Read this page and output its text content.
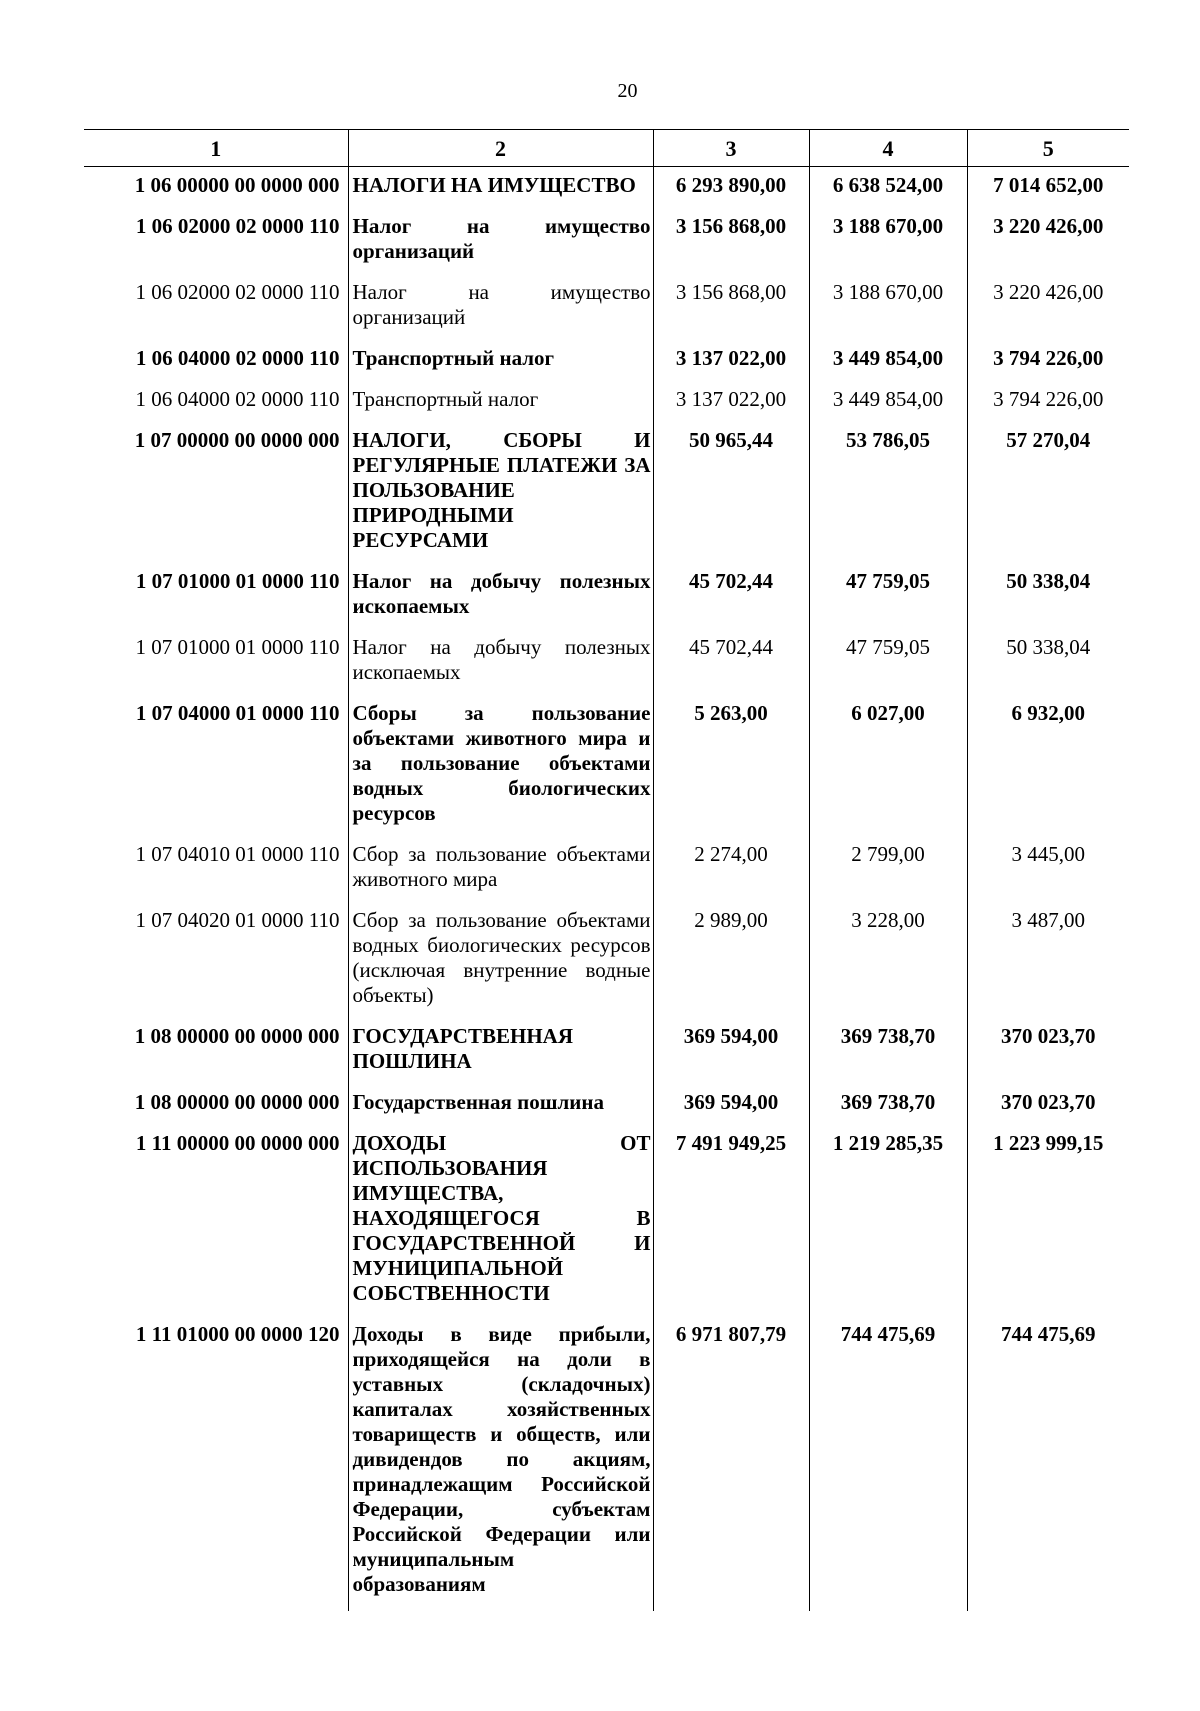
20
1	2	3	4	5
1 06 00000 00 0000 000	НАЛОГИ НА ИМУЩЕСТВО	6 293 890,00	6 638 524,00	7 014 652,00
1 06 02000 02 0000 110	Налог на имущество организаций	3 156 868,00	3 188 670,00	3 220 426,00
1 06 02000 02 0000 110	Налог на имущество организаций	3 156 868,00	3 188 670,00	3 220 426,00
1 06 04000 02 0000 110	Транспортный налог	3 137 022,00	3 449 854,00	3 794 226,00
1 06 04000 02 0000 110	Транспортный налог	3 137 022,00	3 449 854,00	3 794 226,00
1 07 00000 00 0000 000	НАЛОГИ, СБОРЫ И РЕГУЛЯРНЫЕ ПЛАТЕЖИ ЗА ПОЛЬЗОВАНИЕ ПРИРОДНЫМИ РЕСУРСАМИ	50 965,44	53 786,05	57 270,04
1 07 01000 01 0000 110	Налог на добычу полезных ископаемых	45 702,44	47 759,05	50 338,04
1 07 01000 01 0000 110	Налог на добычу полезных ископаемых	45 702,44	47 759,05	50 338,04
1 07 04000 01 0000 110	Сборы за пользование объектами животного мира и за пользование объектами водных биологических ресурсов	5 263,00	6 027,00	6 932,00
1 07 04010 01 0000 110	Сбор за пользование объектами животного мира	2 274,00	2 799,00	3 445,00
1 07 04020 01 0000 110	Сбор за пользование объектами водных биологических ресурсов (исключая внутренние водные объекты)	2 989,00	3 228,00	3 487,00
1 08 00000 00 0000 000	ГОСУДАРСТВЕННАЯ ПОШЛИНА	369 594,00	369 738,70	370 023,70
1 08 00000 00 0000 000	Государственная пошлина	369 594,00	369 738,70	370 023,70
1 11 00000 00 0000 000	ДОХОДЫ ОТ ИСПОЛЬЗОВАНИЯ ИМУЩЕСТВА, НАХОДЯЩЕГОСЯ В ГОСУДАРСТВЕННОЙ И МУНИЦИПАЛЬНОЙ СОБСТВЕННОСТИ	7 491 949,25	1 219 285,35	1 223 999,15
1 11 01000 00 0000 120	Доходы в виде прибыли, приходящейся на доли в уставных (складочных) капиталах хозяйственных товариществ и обществ, или дивидендов по акциям, принадлежащим Российской Федерации, субъектам Российской Федерации или муниципальным образованиям	6 971 807,79	744 475,69	744 475,69
